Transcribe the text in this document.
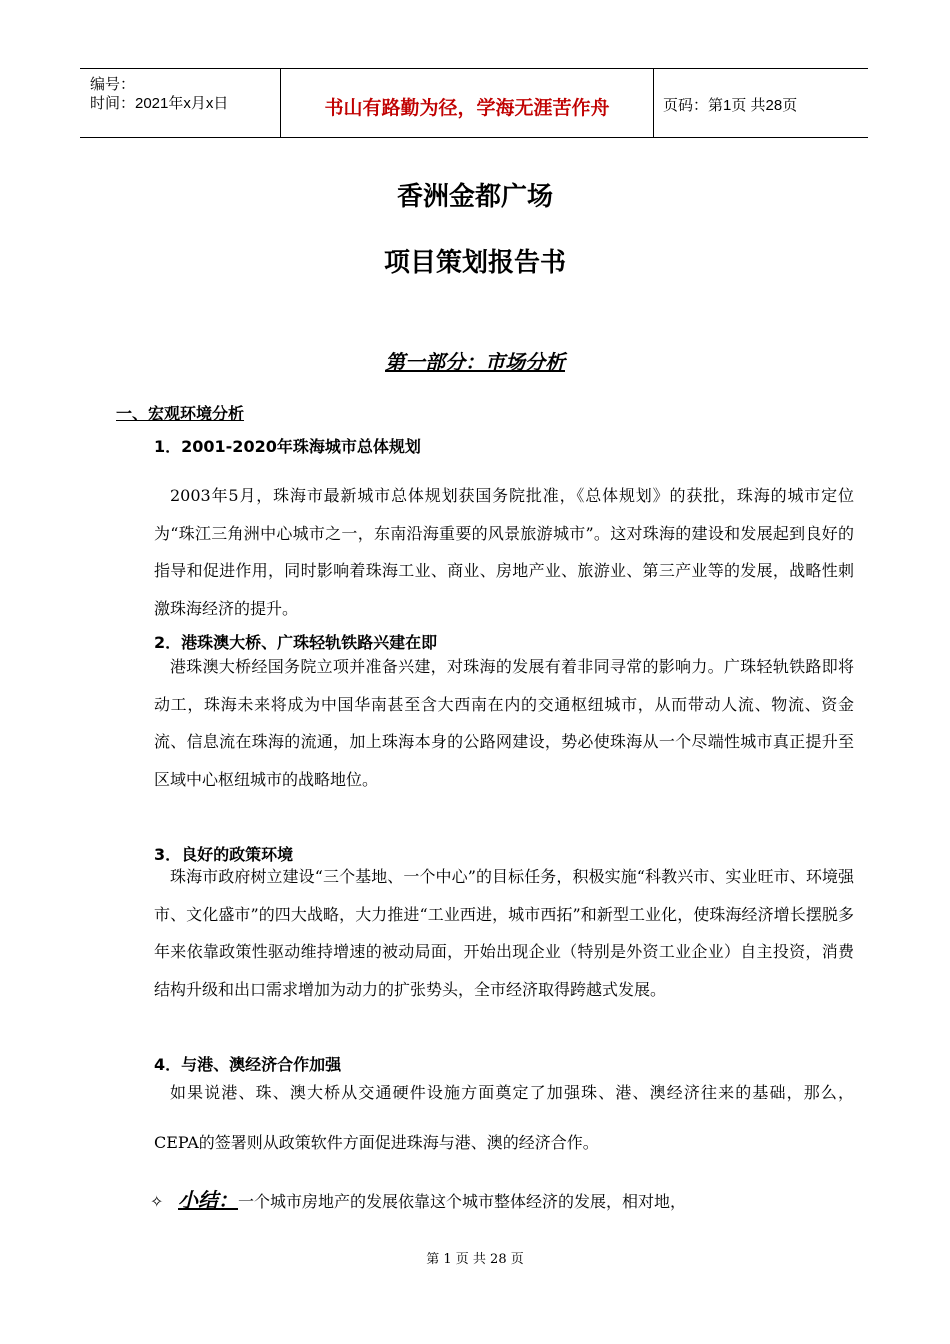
编号：
时间：2021年x月x日	书山有路勤为径，学海无涯苦作舟	页码：第1页 共28页
香洲金都广场
项目策划报告书
第一部分：市场分析
一、宏观环境分析
1．2001-2020年珠海城市总体规划
2003年5月，珠海市最新城市总体规划获国务院批准，《总体规划》的获批，珠海的城市定位为“珠江三角洲中心城市之一，东南沿海重要的风景旅游城市”。这对珠海的建设和发展起到良好的指导和促进作用，同时影响着珠海工业、商业、房地产业、旅游业、第三产业等的发展，战略性刺激珠海经济的提升。
2．港珠澳大桥、广珠轻轨铁路兴建在即
港珠澳大桥经国务院立项并准备兴建，对珠海的发展有着非同寻常的影响力。广珠轻轨铁路即将动工，珠海未来将成为中国华南甚至含大西南在内的交通枢纽城市，从而带动人流、物流、资金流、信息流在珠海的流通，加上珠海本身的公路网建设，势必使珠海从一个尽端性城市真正提升至区域中心枢纽城市的战略地位。
3．良好的政策环境
珠海市政府树立建设“三个基地、一个中心”的目标任务，积极实施“科教兴市、实业旺市、环境强市、文化盛市”的四大战略，大力推进“工业西进，城市西拓”和新型工业化，使珠海经济增长摆脱多年来依靠政策性驱动维持增速的被动局面，开始出现企业（特别是外资工业企业）自主投资，消费结构升级和出口需求增加为动力的扩张势头，全市经济取得跨越式发展。
4．与港、澳经济合作加强
如果说港、珠、澳大桥从交通硬件设施方面奠定了加强珠、港、澳经济往来的基础，那么，CEPA的签署则从政策软件方面促进珠海与港、澳的经济合作。
✧ 小结：一个城市房地产的发展依靠这个城市整体经济的发展，相对地，
第 1 页 共 28 页
